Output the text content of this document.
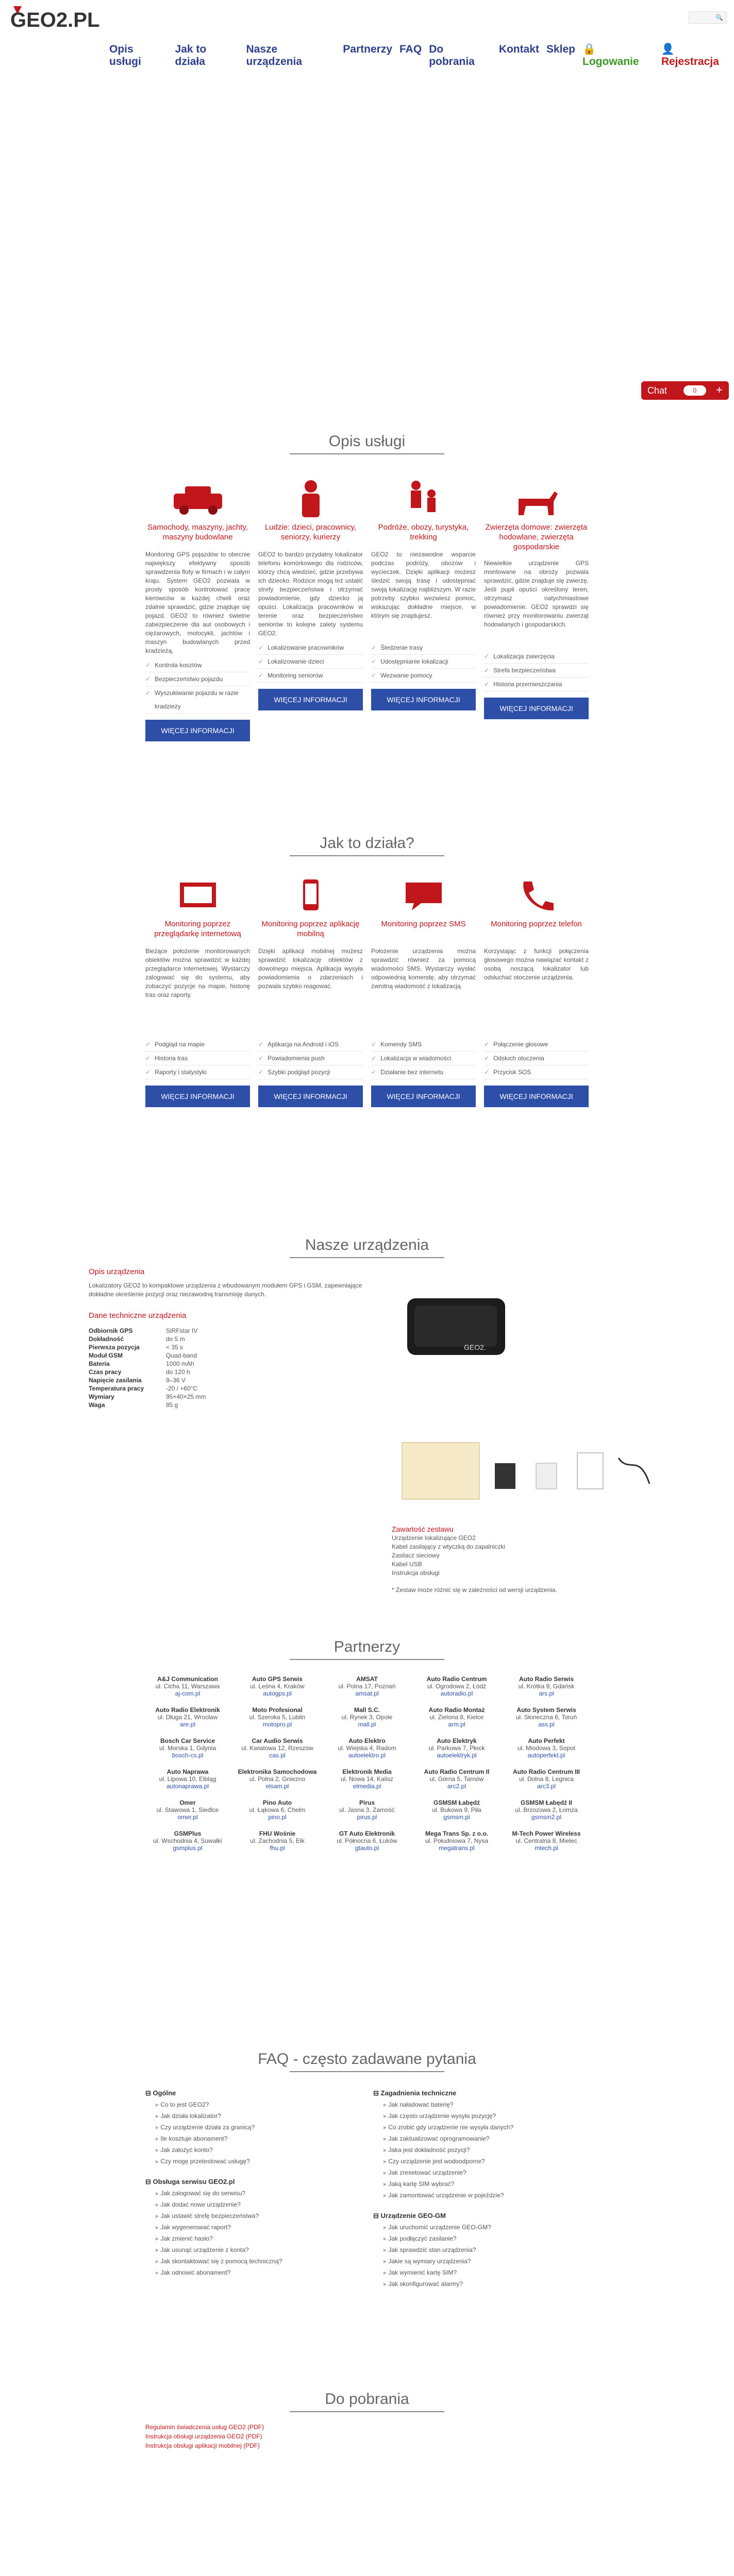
GEO2.PL	🔍
Opis usługi
Jak to działa
Nasze urządzenia
Partnerzy FAQ Do pobrania
Kontakt Sklep 🔒Logowanie
👤Rejestracja
Chat	0	+
Opis usługi
Samochody, maszyny, jachty, maszyny budowlane
Monitoring GPS pojazdów to obecnie największy efektywny sposób sprawdzenia floty w firmach i w całym kraju. System GEO2 pozwala w prosty sposób kontrolować pracę kierowców w każdej chwili oraz zdalnie sprawdzić, gdzie znajduje się pojazd. GEO2 to również świetne zabezpieczenie dla aut osobowych i ciężarowych, motocykli, jachtów i maszyn budowlanych przed kradzieżą.
✓ Kontrola kosztów
✓ Bezpieczeństwo pojazdu
✓ Wyszukiwanie pojazdu w razie kradzieży
WIĘCEJ INFORMACJI
Ludzie: dzieci, pracownicy, seniorzy, kurierzy
GEO2 to bardzo przydatny lokalizator telefonu komórkowego dla rodziców, którzy chcą wiedzieć, gdzie przebywa ich dziecko. Rodzice mogą też ustalić strefy bezpieczeństwa i otrzymać powiadomienie, gdy dziecko ją opuści. Lokalizacja pracowników w terenie oraz bezpieczeństwo seniorów to kolejne zalety systemu GEO2.
✓ Lokalizowanie pracowników
✓ Lokalizowanie dzieci
✓ Monitoring seniorów
WIĘCEJ INFORMACJI
Podróże, obozy, turystyka, trekking
GEO2 to niezawodne wsparcie podczas podróży, obozów i wycieczek. Dzięki aplikacji możesz śledzić swoją trasę i udostępniać swoją lokalizację najbliższym. W razie potrzeby szybko wezwiesz pomoc, wskazując dokładne miejsce, w którym się znajdujesz.
✓ Śledzenie trasy
✓ Udostępnianie lokalizacji
✓ Wezwanie pomocy
WIĘCEJ INFORMACJI
Zwierzęta domowe: zwierzęta hodowlane, zwierzęta gospodarskie
Niewielkie urządzenie GPS montowane na obroży pozwala sprawdzić, gdzie znajduje się zwierzę. Jeśli pupil opuści określony teren, otrzymasz natychmiastowe powiadomienie. GEO2 sprawdzi się również przy monitorowaniu zwierząt hodowlanych i gospodarskich.
✓ Lokalizacja zwierzęcia
✓ Strefa bezpieczeństwa
✓ Historia przemieszczania
WIĘCEJ INFORMACJI
Jak to działa?
Monitoring poprzez przeglądarkę internetową
Bieżące położenie monitorowanych obiektów można sprawdzić w każdej przeglądarce internetowej. Wystarczy zalogować się do systemu, aby zobaczyć pozycje na mapie, historię tras oraz raporty.
✓ Podgląd na mapie
✓ Historia tras
✓ Raporty i statystyki
WIĘCEJ INFORMACJI
Monitoring poprzez aplikację mobilną
Dzięki aplikacji mobilnej możesz sprawdzić lokalizację obiektów z dowolnego miejsca. Aplikacja wysyła powiadomienia o zdarzeniach i pozwala szybko reagować.
✓ Aplikacja na Android i iOS
✓ Powiadomienia push
✓ Szybki podgląd pozycji
WIĘCEJ INFORMACJI
Monitoring poprzez SMS
Położenie urządzenia można sprawdzić również za pomocą wiadomości SMS. Wystarczy wysłać odpowiednią komendę, aby otrzymać zwrotną wiadomość z lokalizacją.
✓ Komendy SMS
✓ Lokalizacja w wiadomości
✓ Działanie bez internetu
WIĘCEJ INFORMACJI
Monitoring poprzez telefon
Korzystając z funkcji połączenia głosowego można nawiązać kontakt z osobą noszącą lokalizator lub odsłuchać otoczenie urządzenia.
✓ Połączenie głosowe
✓ Odsłuch otoczenia
✓ Przycisk SOS
WIĘCEJ INFORMACJI
Nasze urządzenia
Opis urządzenia

Lokalizatory GEO2 to kompaktowe urządzenia z wbudowanym modułem GPS i GSM, zapewniające dokładne określenie pozycji oraz niezawodną transmisję danych.

Dane techniczne urządzenia
Odbiornik GPS	SiRFstar IV
Dokładność	do 5 m
Pierwsza pozycja	< 35 s
Moduł GSM	Quad-band
Bateria	1000 mAh
Czas pracy	do 120 h
Napięcie zasilania	9–36 V
Temperatura pracy	-20 / +60°C
Wymiary	95×40×25 mm
Waga	85 g
GEO2.
Zawartość zestawu
Urządzenie lokalizujące GEO2
Kabel zasilający z wtyczką do zapalniczki
Zasilacz sieciowy
Kabel USB
Instrukcja obsługi
* Zestaw może różnić się w zależności od wersji urządzenia.
Partnerzy
A&J Communication
ul. Cicha 11, Warszawa
aj-com.pl
Auto GPS Serwis
ul. Leśna 4, Kraków
autogps.pl
AMSAT
ul. Polna 17, Poznań
amsat.pl
Auto Radio Centrum
ul. Ogrodowa 2, Łódź
autoradio.pl
Auto Radio Serwis
ul. Krótka 9, Gdańsk
ars.pl
Auto Radio Elektronik
ul. Długa 21, Wrocław
are.pl
Moto Profesional
ul. Szeroka 5, Lublin
motopro.pl
Mall S.C.
ul. Rynek 3, Opole
mall.pl
Auto Radio Montaż
ul. Zielona 8, Kielce
arm.pl
Auto System Serwis
ul. Słoneczna 6, Toruń
ass.pl
Bosch Car Service
ul. Morska 1, Gdynia
bosch-cs.pl
Car Audio Serwis
ul. Kwiatowa 12, Rzeszów
cas.pl
Auto Elektro
ul. Wiejska 4, Radom
autoelektro.pl
Auto Elektryk
ul. Parkowa 7, Płock
autoelektryk.pl
Auto Perfekt
ul. Miodowa 3, Sopot
autoperfekt.pl
Auto Naprawa
ul. Lipowa 10, Elbląg
autonaprawa.pl
Elektronika Samochodowa
ul. Polna 2, Gniezno
elsam.pl
Elektronik Media
ul. Nowa 14, Kalisz
elmedia.pl
Auto Radio Centrum II
ul. Górna 5, Tarnów
arc2.pl
Auto Radio Centrum III
ul. Dolna 8, Legnica
arc3.pl
Omer
ul. Stawowa 1, Siedlce
omer.pl
Pino Auto
ul. Łąkowa 6, Chełm
pino.pl
Pirus
ul. Jasna 3, Zamość
pirus.pl
GSMSM Łabędź
ul. Bukowa 9, Piła
gsmsm.pl
GSMSM Łabędź II
ul. Brzozowa 2, Łomża
gsmsm2.pl
GSMPlus
ul. Wschodnia 4, Suwałki
gsmplus.pl
FHU Wośnie
ul. Zachodnia 5, Ełk
fhu.pl
GT Auto Elektronik
ul. Północna 6, Łuków
gtauto.pl
Mega Trans Sp. z o.o.
ul. Południowa 7, Nysa
megatrans.pl
M-Tech Power Wireless
ul. Centralna 8, Mielec
mtech.pl
FAQ - często zadawane pytania
⊟ Ogólne
▸ Co to jest GEO2?
▸ Jak działa lokalizator?
▸ Czy urządzenie działa za granicą?
▸ Ile kosztuje abonament?
▸ Jak założyć konto?
▸ Czy mogę przetestować usługę?
⊟ Obsługa serwisu GEO2.pl
▸ Jak zalogować się do serwisu?
▸ Jak dodać nowe urządzenie?
▸ Jak ustawić strefę bezpieczeństwa?
▸ Jak wygenerować raport?
▸ Jak zmienić hasło?
▸ Jak usunąć urządzenie z konta?
▸ Jak skontaktować się z pomocą techniczną?
▸ Jak odnowić abonament?
⊟ Zagadnienia techniczne
▸ Jak naładować baterię?
▸ Jak często urządzenie wysyła pozycję?
▸ Co zrobić gdy urządzenie nie wysyła danych?
▸ Jak zaktualizować oprogramowanie?
▸ Jaka jest dokładność pozycji?
▸ Czy urządzenie jest wodoodporne?
▸ Jak zresetować urządzenie?
▸ Jaką kartę SIM wybrać?
▸ Jak zamontować urządzenie w pojeździe?
⊟ Urządzenie GEO-GM
▸ Jak uruchomić urządzenie GEO-GM?
▸ Jak podłączyć zasilanie?
▸ Jak sprawdzić stan urządzenia?
▸ Jakie są wymiary urządzenia?
▸ Jak wymienić kartę SIM?
▸ Jak skonfigurować alarmy?
Do pobrania
Regulamin świadczenia usług GEO2 (PDF)
Instrukcja obsługi urządzenia GEO2 (PDF)
Instrukcja obsługi aplikacji mobilnej (PDF)
